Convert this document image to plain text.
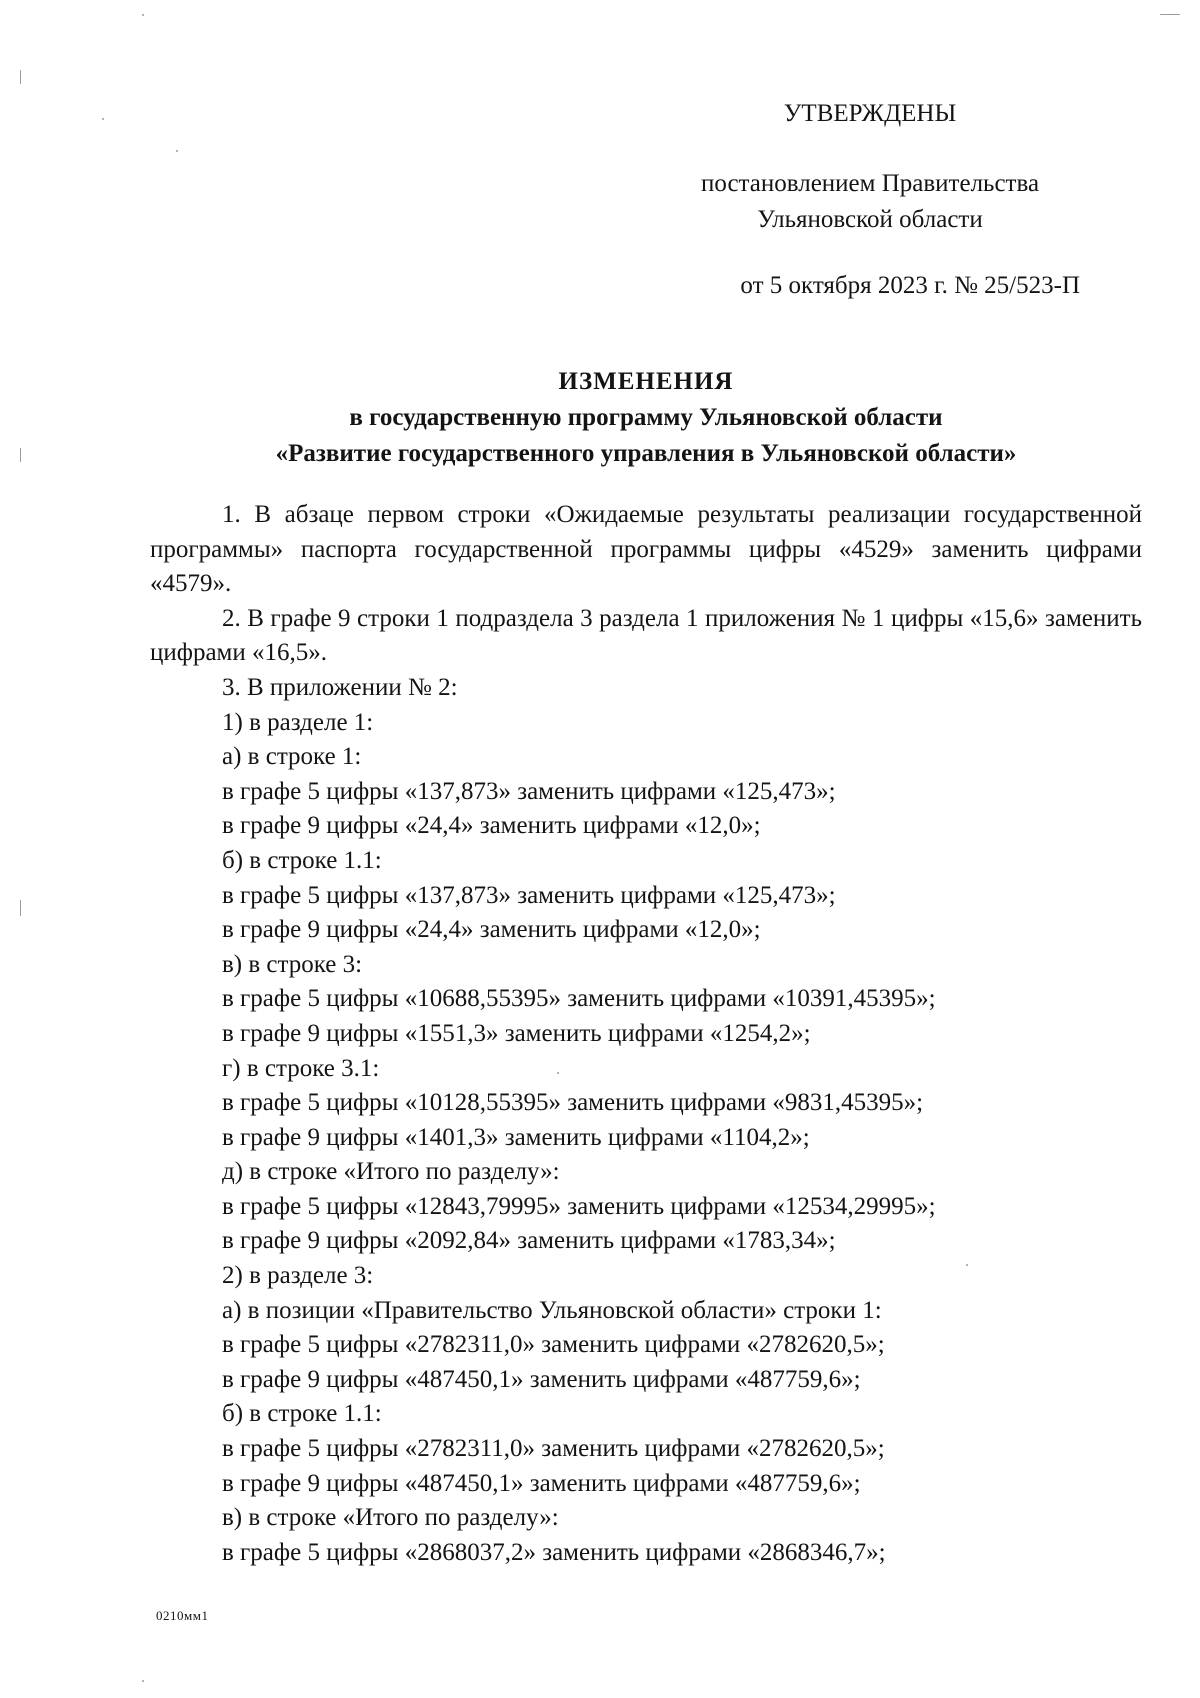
УТВЕРЖДЕНЫ
постановлением Правительства
Ульяновской области
от 5 октября 2023 г. № 25/523-П
ИЗМЕНЕНИЯ
в государственную программу Ульяновской области
«Развитие государственного управления в Ульяновской области»

1. В абзаце первом строки «Ожидаемые результаты реализации государственной программы» паспорта государственной программы цифры «4529» заменить цифрами «4579».

2. В графе 9 строки 1 подраздела 3 раздела 1 приложения № 1 цифры «15,6» заменить цифрами «16,5».

3. В приложении № 2:

1) в разделе 1:

а) в строке 1:

в графе 5 цифры «137,873» заменить цифрами «125,473»;

в графе 9 цифры «24,4» заменить цифрами «12,0»;

б) в строке 1.1:

в графе 5 цифры «137,873» заменить цифрами «125,473»;

в графе 9 цифры «24,4» заменить цифрами «12,0»;

в) в строке 3:

в графе 5 цифры «10688,55395» заменить цифрами «10391,45395»;

в графе 9 цифры «1551,3» заменить цифрами «1254,2»;

г) в строке 3.1:

в графе 5 цифры «10128,55395» заменить цифрами «9831,45395»;

в графе 9 цифры «1401,3» заменить цифрами «1104,2»;

д) в строке «Итого по разделу»:

в графе 5 цифры «12843,79995» заменить цифрами «12534,29995»;

в графе 9 цифры «2092,84» заменить цифрами «1783,34»;

2) в разделе 3:

а) в позиции «Правительство Ульяновской области» строки 1:

в графе 5 цифры «2782311,0» заменить цифрами «2782620,5»;

в графе 9 цифры «487450,1» заменить цифрами «487759,6»;

б) в строке 1.1:

в графе 5 цифры «2782311,0» заменить цифрами «2782620,5»;

в графе 9 цифры «487450,1» заменить цифрами «487759,6»;

в) в строке «Итого по разделу»:

в графе 5 цифры «2868037,2» заменить цифрами «2868346,7»;

0210мм1
